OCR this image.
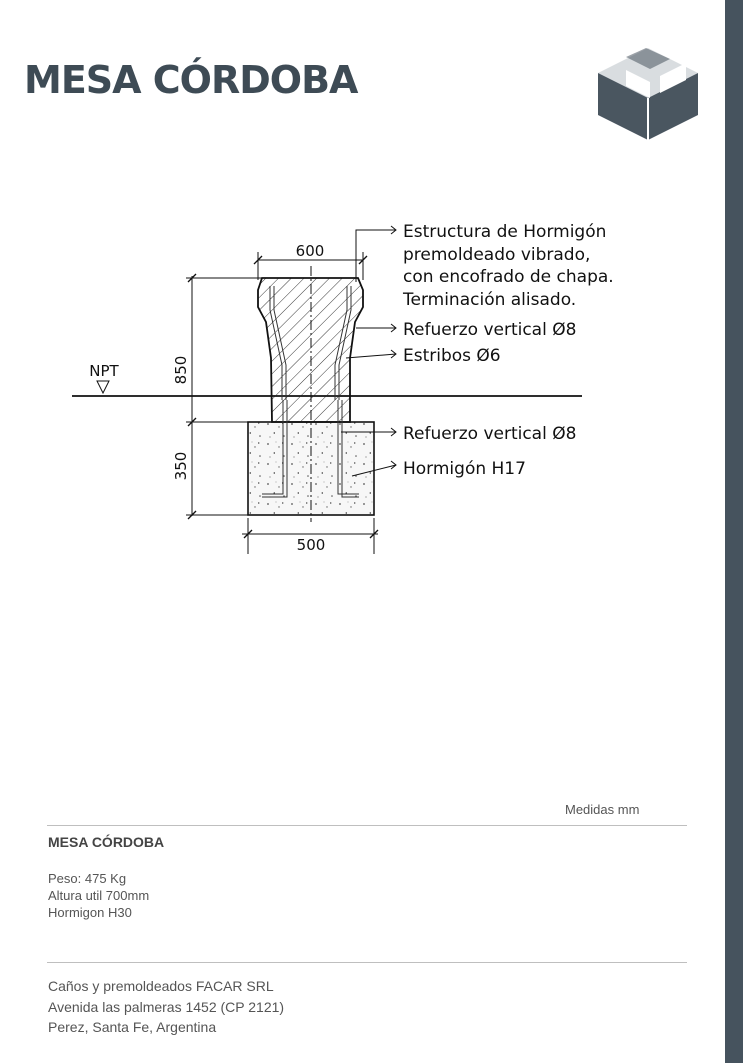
MESA CÓRDOBA
600
850
350
500
NPT
Estructura de Hormigón
premoldeado vibrado,
con encofrado de chapa.
Terminación alisado.
Refuerzo vertical Ø8
Estribos Ø6
Refuerzo vertical Ø8
Hormigón H17
Medidas mm
MESA CÓRDOBA
Peso: 475 Kg
Altura util 700mm
Hormigon H30
Caños y premoldeados FACAR SRL
Avenida las palmeras 1452 (CP 2121)
Perez, Santa Fe, Argentina
